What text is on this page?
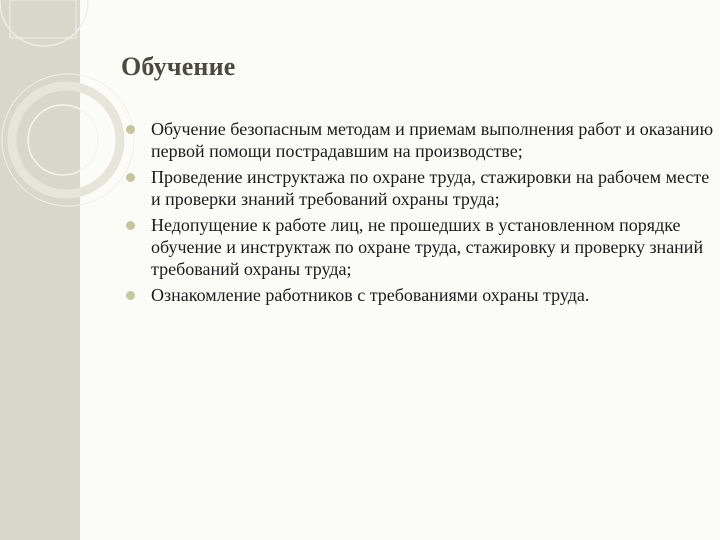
Обучение
Обучение безопасным методам и приемам выполнения работ и оказанию первой помощи пострадавшим на производстве;
Проведение инструктажа по охране труда, стажировки на рабочем месте и проверки знаний требований охраны труда;
Недопущение к работе лиц, не прошедших в установленном порядке обучение и инструктаж по охране труда, стажировку и проверку знаний требований охраны труда;
Ознакомление работников с требованиями охраны труда.
